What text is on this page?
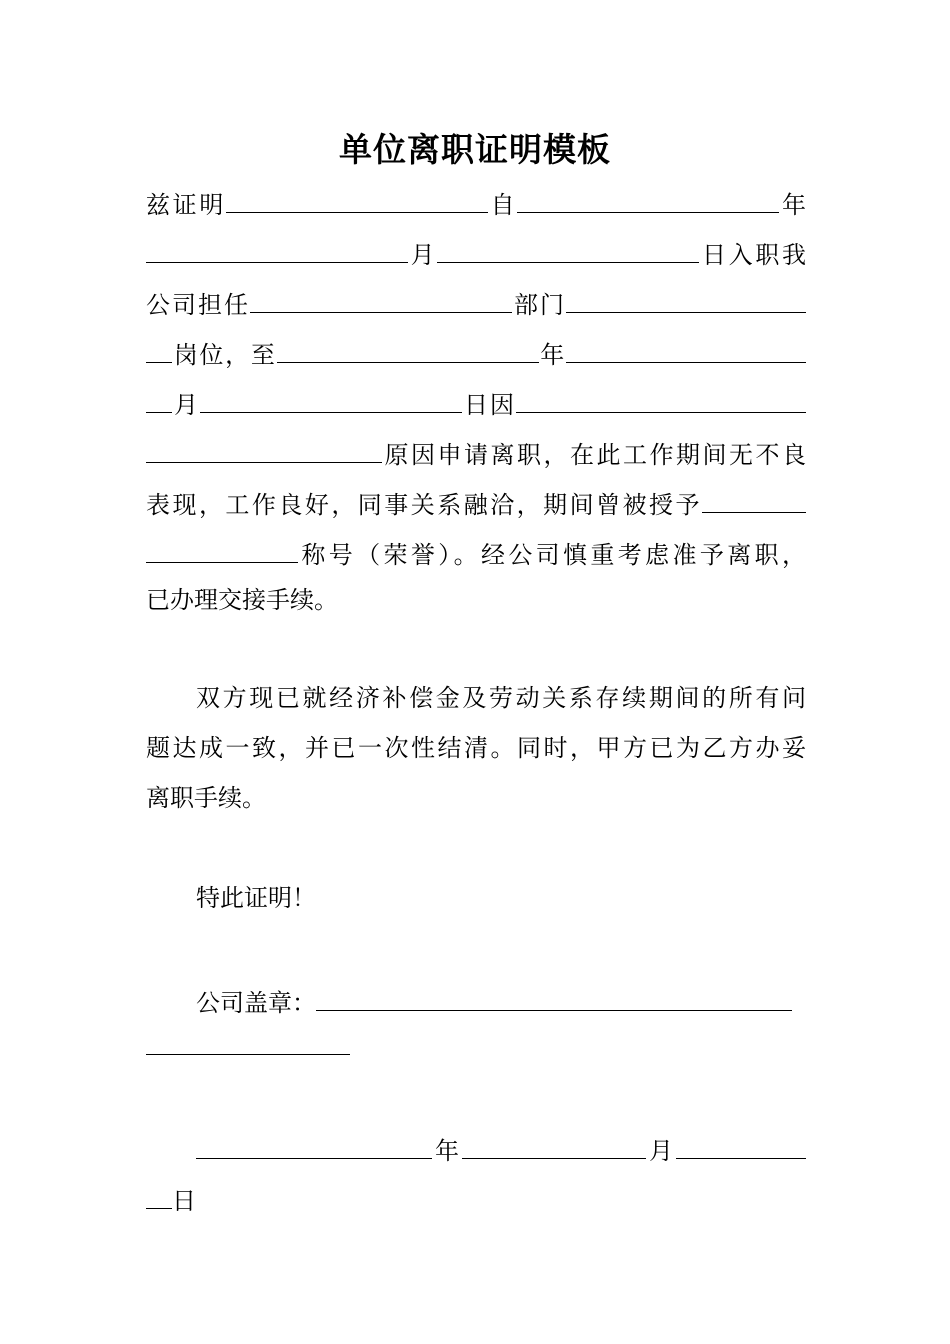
单位离职证明模板
兹证明	自	年
月	日入职我
公司担任	部门
岗位，至	年
月	日因
原因申请离职，在此工作期间无不良
表现，工作良好，同事关系融洽，期间曾被授予
称号（荣誉）。经公司慎重考虑准予离职，
已办理交接手续。
双方现已就经济补偿金及劳动关系存续期间的所有问
题达成一致，并已一次性结清。同时，甲方已为乙方办妥
离职手续。
特此证明！
公司盖章：
年	月
日
